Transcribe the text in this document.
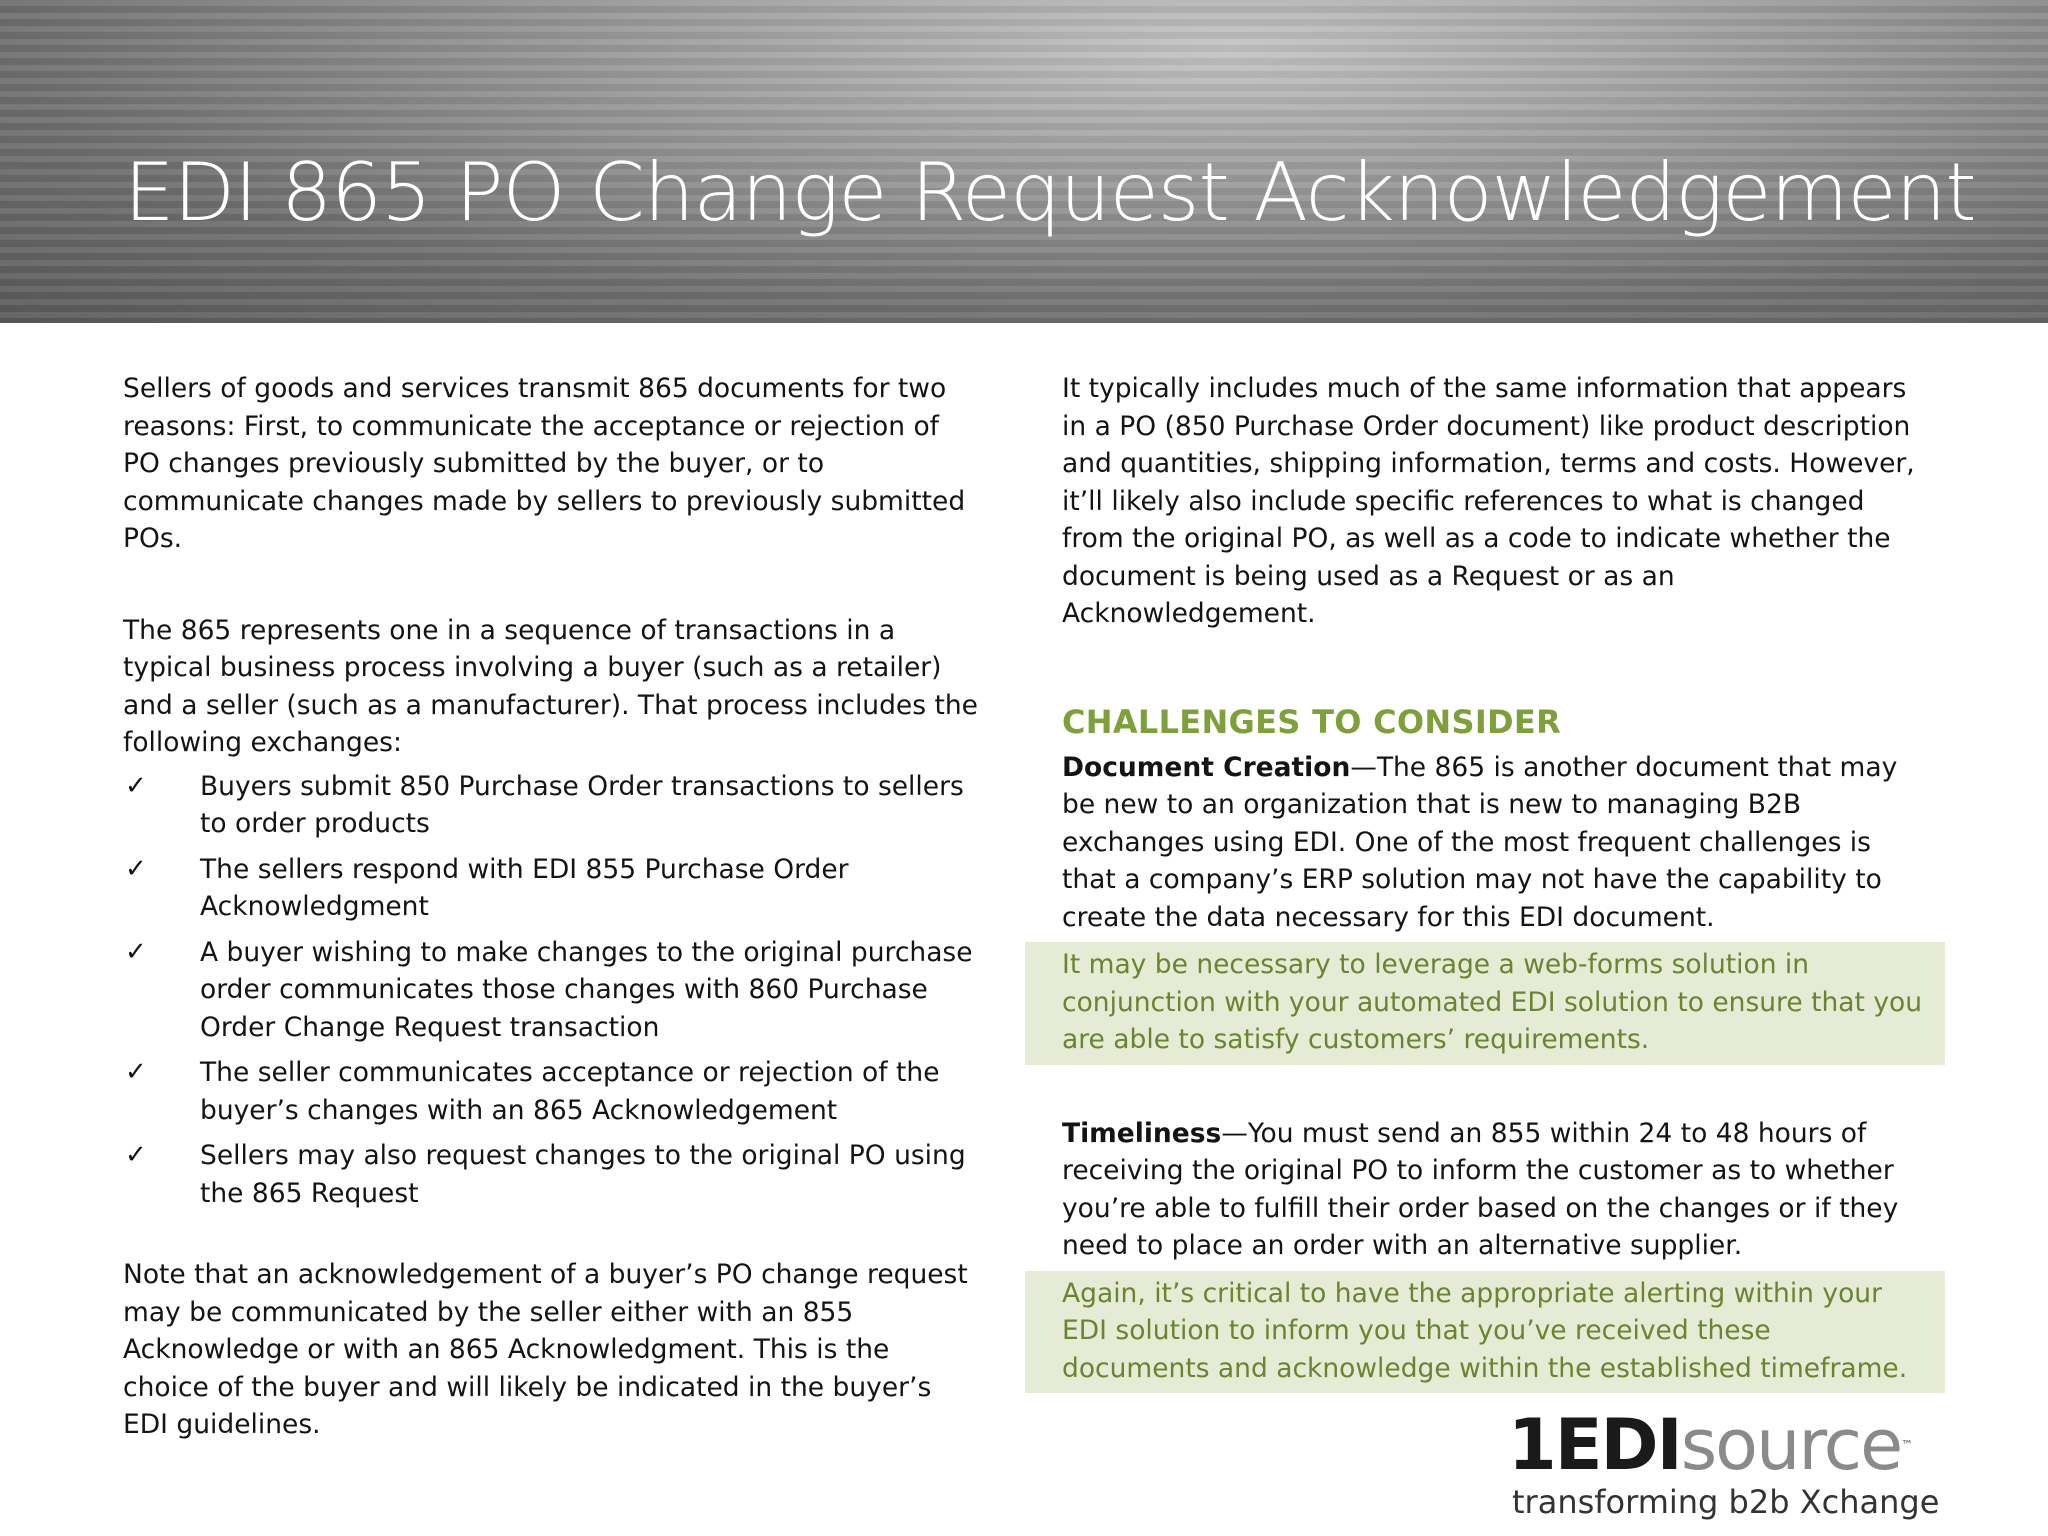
EDI 865 PO Change Request Acknowledgement

Sellers of goods and services transmit 865 documents for two reasons: First, to communicate the acceptance or rejection of PO changes previously submitted by the buyer, or to communicate changes made by sellers to previously submitted POs.

The 865 represents one in a sequence of transactions in a typical business process involving a buyer (such as a retailer) and a seller (such as a manufacturer). That process includes the following exchanges:

✓ Buyers submit 850 Purchase Order transactions to sellers to order products
✓ The sellers respond with EDI 855 Purchase Order Acknowledgment
✓ A buyer wishing to make changes to the original purchase order communicates those changes with 860 Purchase Order Change Request transaction
✓ The seller communicates acceptance or rejection of the buyer’s changes with an 865 Acknowledgement
✓ Sellers may also request changes to the original PO using the 865 Request

Note that an acknowledgement of a buyer’s PO change request may be communicated by the seller either with an 855 Acknowledge or with an 865 Acknowledgment. This is the choice of the buyer and will likely be indicated in the buyer’s EDI guidelines.

It typically includes much of the same information that appears in a PO (850 Purchase Order document) like product description and quantities, shipping information, terms and costs. However, it’ll likely also include specific references to what is changed from the original PO, as well as a code to indicate whether the document is being used as a Request or as an Acknowledgement.

CHALLENGES TO CONSIDER

Document Creation—The 865 is another document that may be new to an organization that is new to managing B2B exchanges using EDI. One of the most frequent challenges is that a company’s ERP solution may not have the capability to create the data necessary for this EDI document.

It may be necessary to leverage a web-forms solution in conjunction with your automated EDI solution to ensure that you are able to satisfy customers’ requirements.

Timeliness—You must send an 855 within 24 to 48 hours of receiving the original PO to inform the customer as to whether you’re able to fulfill their order based on the changes or if they need to place an order with an alternative supplier.

Again, it’s critical to have the appropriate alerting within your EDI solution to inform you that you’ve received these documents and acknowledge within the established timeframe.
1EDIsource™
transforming b2b Xchange
